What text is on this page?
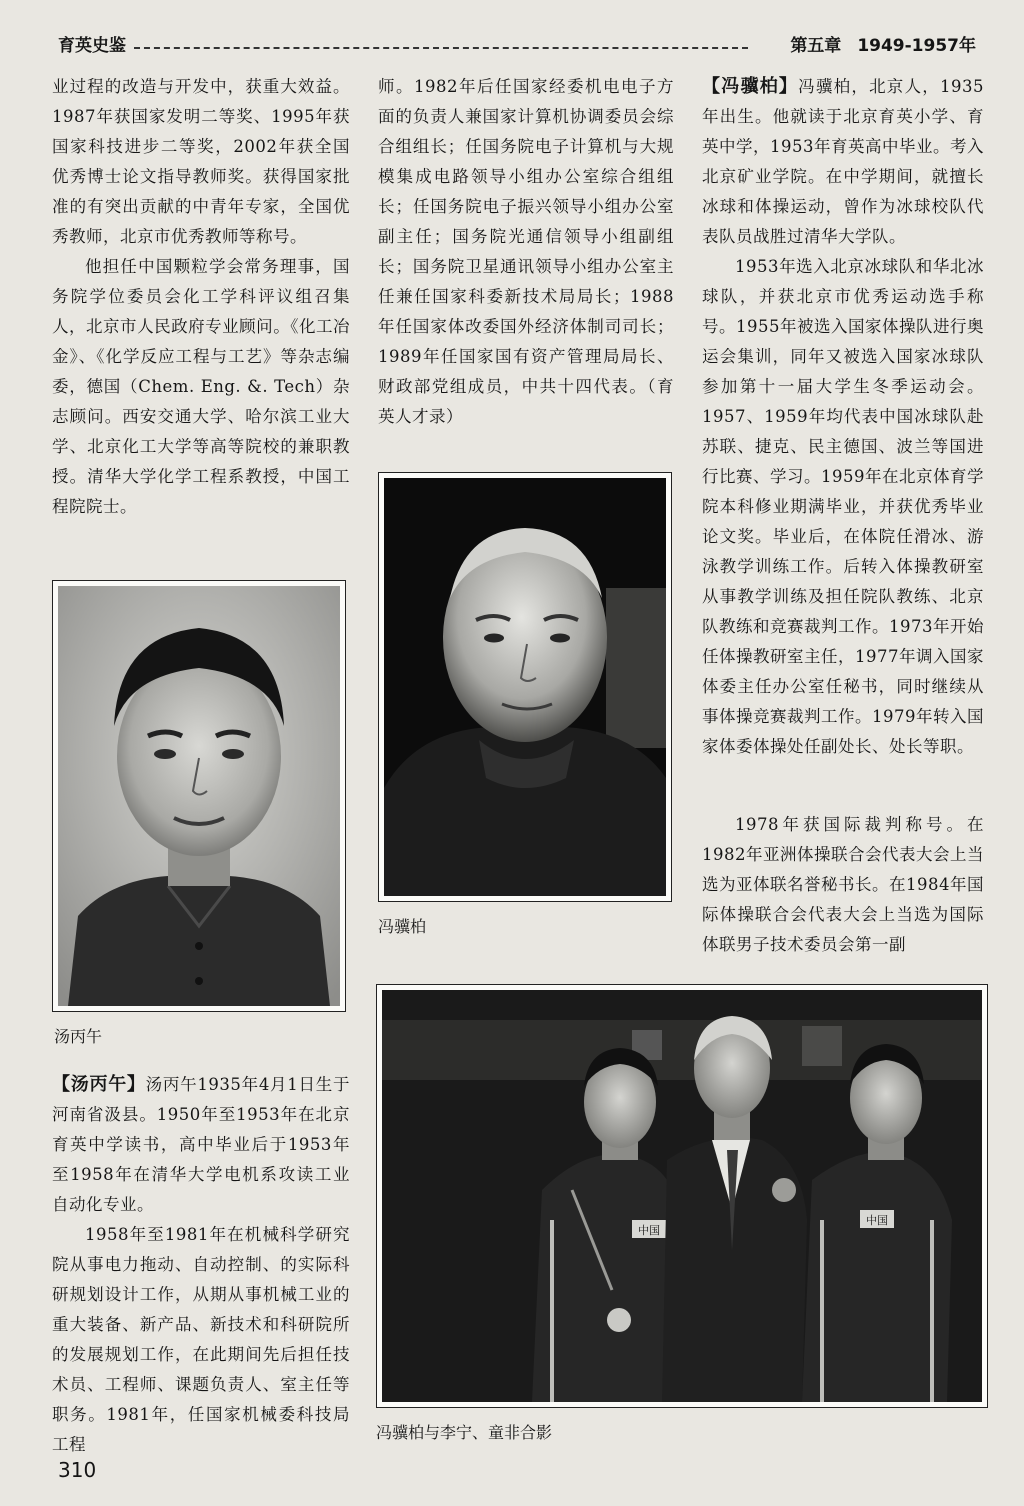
育英史鉴	第五章 1949-1957年

业过程的改造与开发中，获重大效益。1987年获国家发明二等奖、1995年获国家科技进步二等奖，2002年获全国优秀博士论文指导教师奖。获得国家批准的有突出贡献的中青年专家，全国优秀教师，北京市优秀教师等称号。

他担任中国颗粒学会常务理事，国务院学位委员会化工学科评议组召集人，北京市人民政府专业顾问。《化工冶金》、《化学反应工程与工艺》等杂志编委，德国（Chem. Eng. &. Tech）杂志顾问。西安交通大学、哈尔滨工业大学、北京化工大学等高等院校的兼职教授。清华大学化学工程系教授，中国工程院院士。

汤丙午

【汤丙午】汤丙午1935年4月1日生于河南省汲县。1950年至1953年在北京育英中学读书，高中毕业后于1953年至1958年在清华大学电机系攻读工业自动化专业。

1958年至1981年在机械科学研究院从事电力拖动、自动控制、的实际科研规划设计工作，从期从事机械工业的重大装备、新产品、新技术和科研院所的发展规划工作，在此期间先后担任技术员、工程师、课题负责人、室主任等职务。1981年，任国家机械委科技局工程

师。1982年后任国家经委机电电子方面的负责人兼国家计算机协调委员会综合组组长；任国务院电子计算机与大规模集成电路领导小组办公室综合组组长；任国务院电子振兴领导小组办公室副主任；国务院光通信领导小组副组长；国务院卫星通讯领导小组办公室主任兼任国家科委新技术局局长；1988年任国家体改委国外经济体制司司长；1989年任国家国有资产管理局局长、财政部党组成员，中共十四代表。（育英人才录）

冯骥柏

【冯骥柏】冯骥柏，北京人，1935年出生。他就读于北京育英小学、育英中学，1953年育英高中毕业。考入北京矿业学院。在中学期间，就擅长冰球和体操运动，曾作为冰球校队代表队员战胜过清华大学队。

1953年选入北京冰球队和华北冰球队，并获北京市优秀运动选手称号。1955年被选入国家体操队进行奥运会集训，同年又被选入国家冰球队参加第十一届大学生冬季运动会。1957、1959年均代表中国冰球队赴苏联、捷克、民主德国、波兰等国进行比赛、学习。1959年在北京体育学院本科修业期满毕业，并获优秀毕业论文奖。毕业后，在体院任滑冰、游泳教学训练工作。后转入体操教研室从事教学训练及担任院队教练、北京队教练和竞赛裁判工作。1973年开始任体操教研室主任，1977年调入国家体委主任办公室任秘书，同时继续从事体操竞赛裁判工作。1979年转入国家体委体操处任副处长、处长等职。

1978年获国际裁判称号。在1982年亚洲体操联合会代表大会上当选为亚体联名誉秘书长。在1984年国际体操联合会代表大会上当选为国际体联男子技术委员会第一副

中国
中国
冯骥柏与李宁、童非合影
310
